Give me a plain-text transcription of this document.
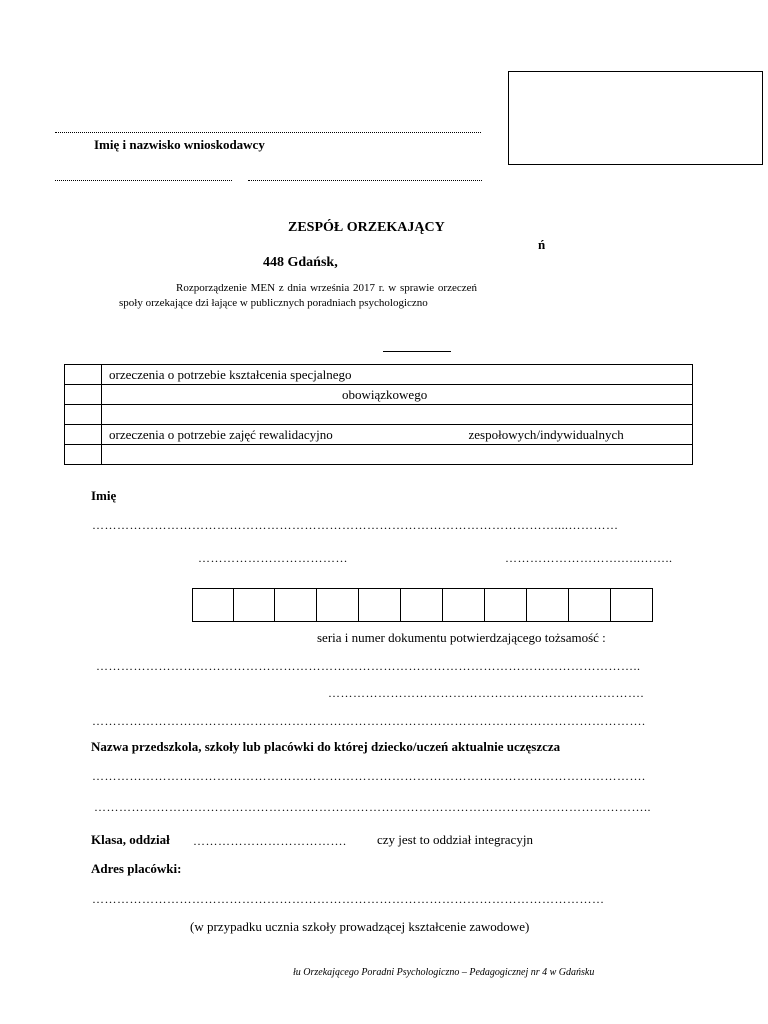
Imię i nazwisko wnioskodawcy
ZESPÓŁ ORZEKAJĄCY
ń
448 Gdańsk,
Rozporządzenie MEN z dnia września 2017 r. w sprawie orzeczeń
społy orzekające dzi łające w publicznych poradniach psychologiczno
	orzeczenia o potrzebie kształcenia specjalnego
	obowiązkowego

	orzeczenia o potrzebie zajęć rewalidacyjno zespołowych/indywidualnych

Imię
…………………………………………………………………………………………………....…………
………………………………	……………………….…..……..
seria i numer dokumentu potwierdzającego tożsamość :
…………………………………………………………………………………………………………………..
………………………………………………………………….
…………………………………………………………………………………………………………………….
Nazwa przedszkola, szkoły lub placówki do której dziecko/uczeń aktualnie uczęszcza
…………………………………………………………………………………………………………………….
……………………………………………………………………………………………………………………..
Klasa, oddział ………………………………. czy jest to oddział integracyjn
Adres placówki:
……………………………………………………………………………………………………………
(w przypadku ucznia szkoły prowadzącej kształcenie zawodowe)
łu Orzekającego Poradni Psychologiczno – Pedagogicznej nr 4 w Gdańsku
